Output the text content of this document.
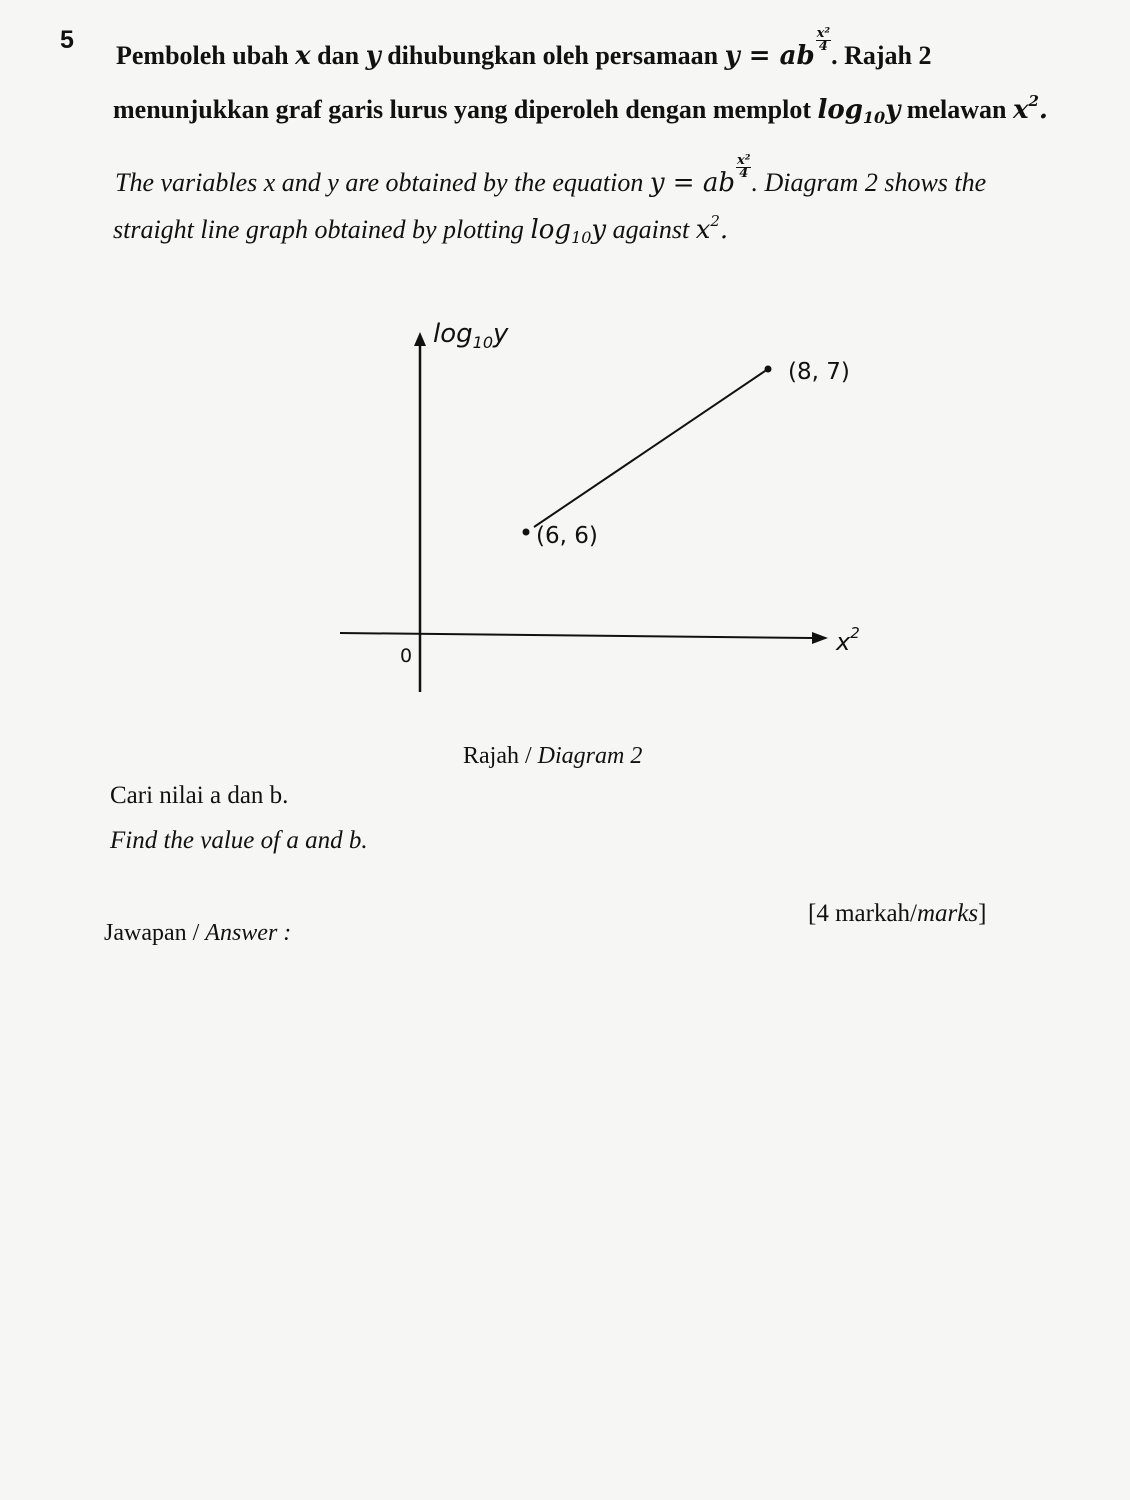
5
Pemboleh ubah x dan y dihubungkan oleh persamaan y = ab
$\frac{\text{x²}}{4}$
. Rajah 2
menunjukkan graf garis lurus yang diperoleh dengan memplot $\log_{10}y$ melawan $x^2$.
The variables x and y are obtained by the equation y = ab
$\frac{\text{x²}}{4}$
. Diagram 2 shows the
straight line graph obtained by plotting $\log_{10}y$ against $x^2$.
$\log_{10}y$
$x^2$
0
(6, 6)
(8, 7)
Rajah / Diagram 2
Cari nilai a dan b.
Find the value of a and b.
[4 markah/marks]
Jawapan / Answer :
